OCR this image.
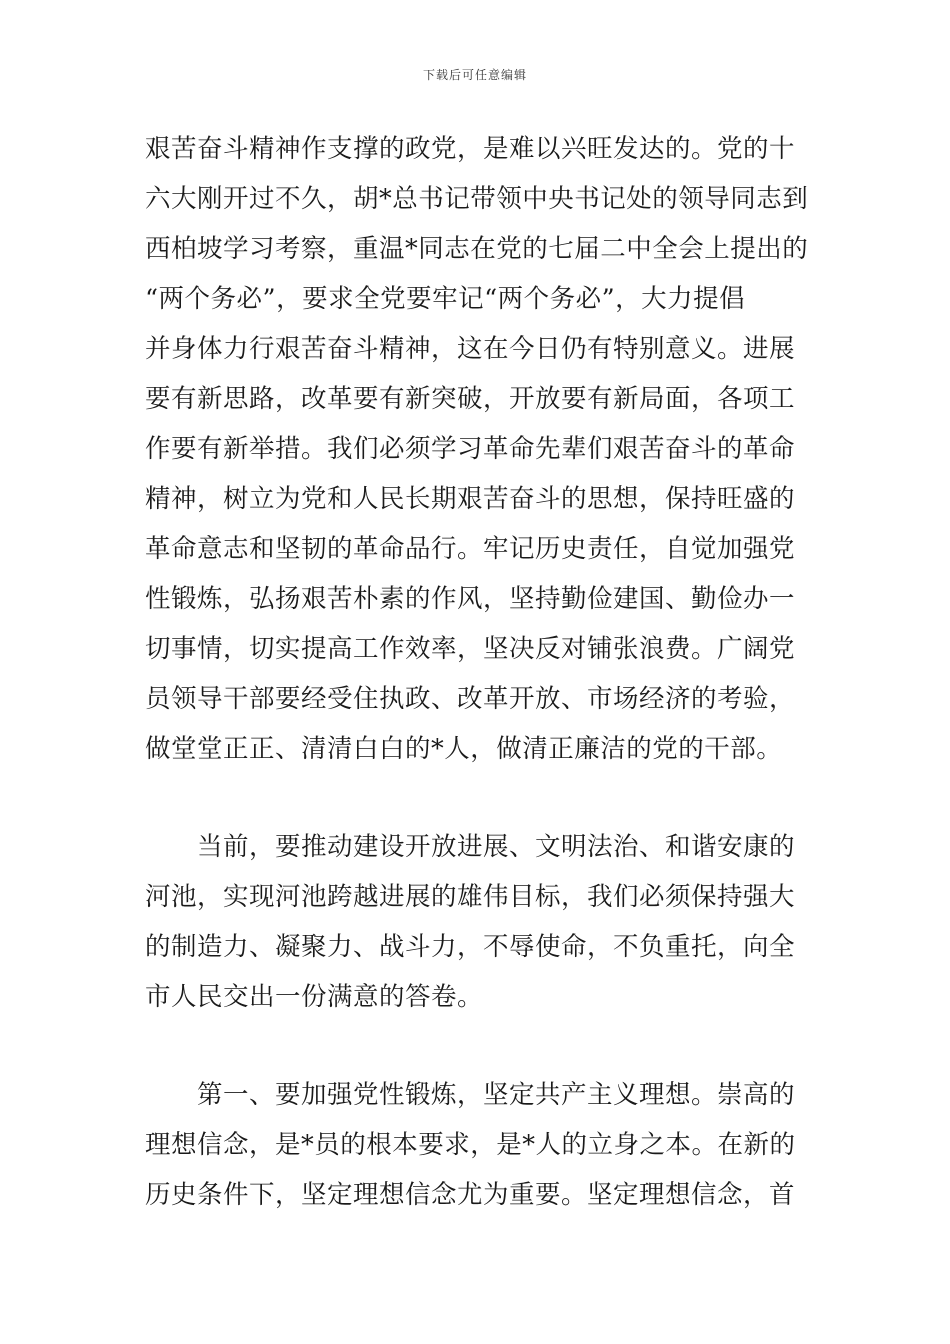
下载后可任意编辑
艰苦奋斗精神作支撑的政党，是难以兴旺发达的。党的十
六大刚开过不久，胡*总书记带领中央书记处的领导同志到
西柏坡学习考察，重温*同志在党的七届二中全会上提出的
“两个务必”，要求全党要牢记“两个务必”，大力提倡
并身体力行艰苦奋斗精神，这在今日仍有特别意义。进展
要有新思路，改革要有新突破，开放要有新局面，各项工
作要有新举措。我们必须学习革命先辈们艰苦奋斗的革命
精神，树立为党和人民长期艰苦奋斗的思想，保持旺盛的
革命意志和坚韧的革命品行。牢记历史责任，自觉加强党
性锻炼，弘扬艰苦朴素的作风，坚持勤俭建国、勤俭办一
切事情，切实提高工作效率，坚决反对铺张浪费。广阔党
员领导干部要经受住执政、改革开放、市场经济的考验，
做堂堂正正、清清白白的*人，做清正廉洁的党的干部。
　　当前，要推动建设开放进展、文明法治、和谐安康的
河池，实现河池跨越进展的雄伟目标，我们必须保持强大
的制造力、凝聚力、战斗力，不辱使命，不负重托，向全
市人民交出一份满意的答卷。
　　第一、要加强党性锻炼，坚定共产主义理想。崇高的
理想信念，是*员的根本要求，是*人的立身之本。在新的
历史条件下，坚定理想信念尤为重要。坚定理想信念，首
